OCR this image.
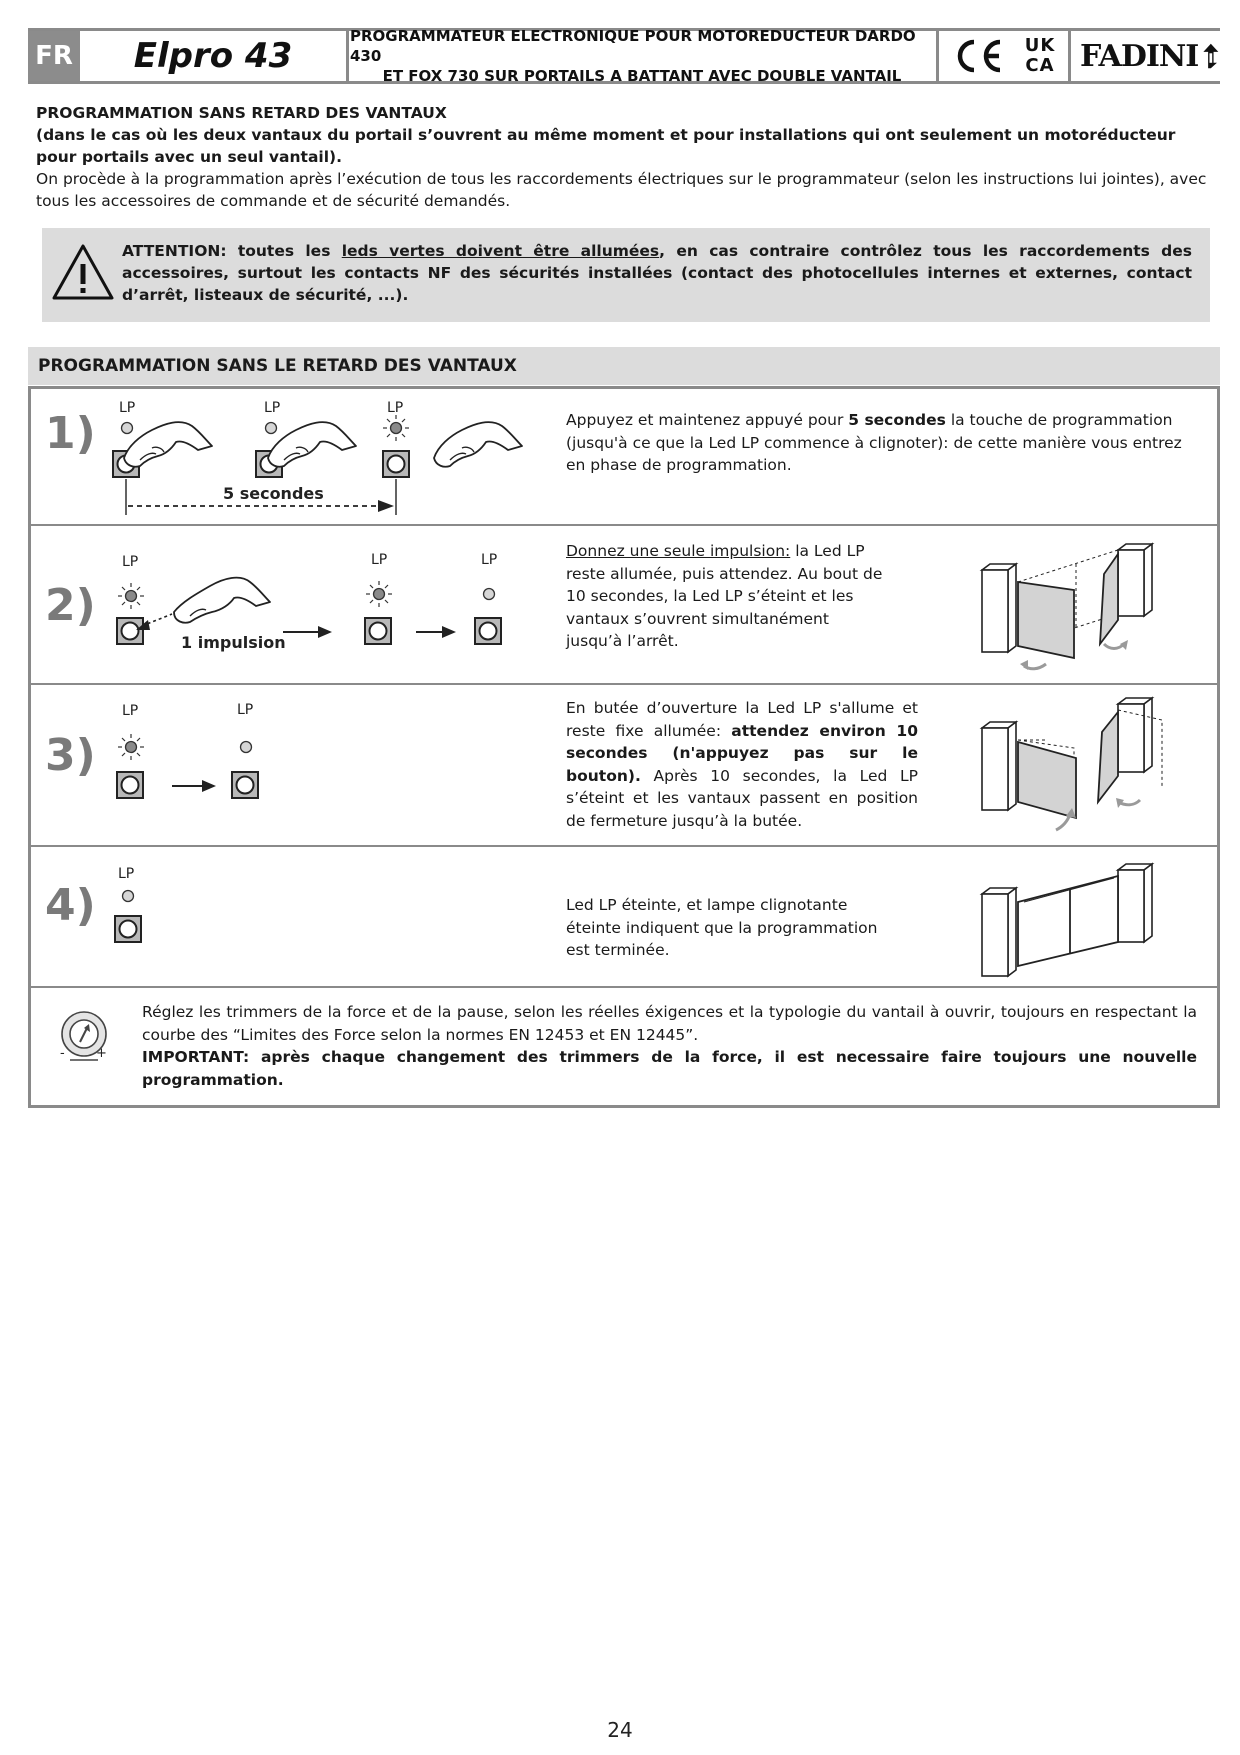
FR	Elpro 43	PROGRAMMATEUR ELECTRONIQUE POUR MOTOREDUCTEUR DARDO 430
ET FOX 730 SUR PORTAILS A BATTANT AVEC DOUBLE VANTAIL
UK
CA FADINI
PROGRAMMATION SANS RETARD DES VANTAUX
(dans le cas où les deux vantaux du portail s’ouvrent au même moment et pour installations qui ont seulement un motoréducteur pour portails avec un seul vantail).
On procède à la programmation après l’exécution de tous les raccordements électriques sur le programmateur (selon les instructions lui jointes), avec tous les accessoires de commande et de sécurité demandés.
ATTENTION: toutes les leds vertes doivent être allumées, en cas contraire contrôlez tous les raccordements des accessoires, surtout les contacts NF des sécurités installées (contact des photocellules internes et externes, contact d’arrêt, listeaux de sécurité, ...).
PROGRAMMATION SANS LE RETARD DES VANTAUX
1) LP	LP	LP
5 secondes
Appuyez et maintenez appuyé pour 5 secondes la touche de programmation (jusqu'à ce que la Led LP commence à clignoter): de cette manière vous entrez en phase de programmation.
2)
LP	LP	LP
1 impulsion
Donnez une seule impulsion: la Led LP reste allumée, puis attendez. Au bout de 10 secondes, la Led LP s’éteint et les vantaux s’ouvrent simultanément jusqu’à l’arrêt.
3)
LP	LP	En butée d’ouverture la Led LP s'allume et reste fixe allumée: attendez environ 10 secondes (n'appuyez pas sur le bouton). Après 10 secondes, la Led LP s’éteint et les vantaux passent en position de fermeture jusqu’à la butée.
4)
LP
Led LP éteinte, et lampe clignotante éteinte indiquent que la programmation est terminée.
- +
Réglez les trimmers de la force et de la pause, selon les réelles éxigences et la typologie du vantail à ouvrir, toujours en respectant la courbe des “Limites des Force selon la normes EN 12453 et EN 12445”.
IMPORTANT: après chaque changement des trimmers de la force, il est necessaire faire toujours une nouvelle programmation.
24
